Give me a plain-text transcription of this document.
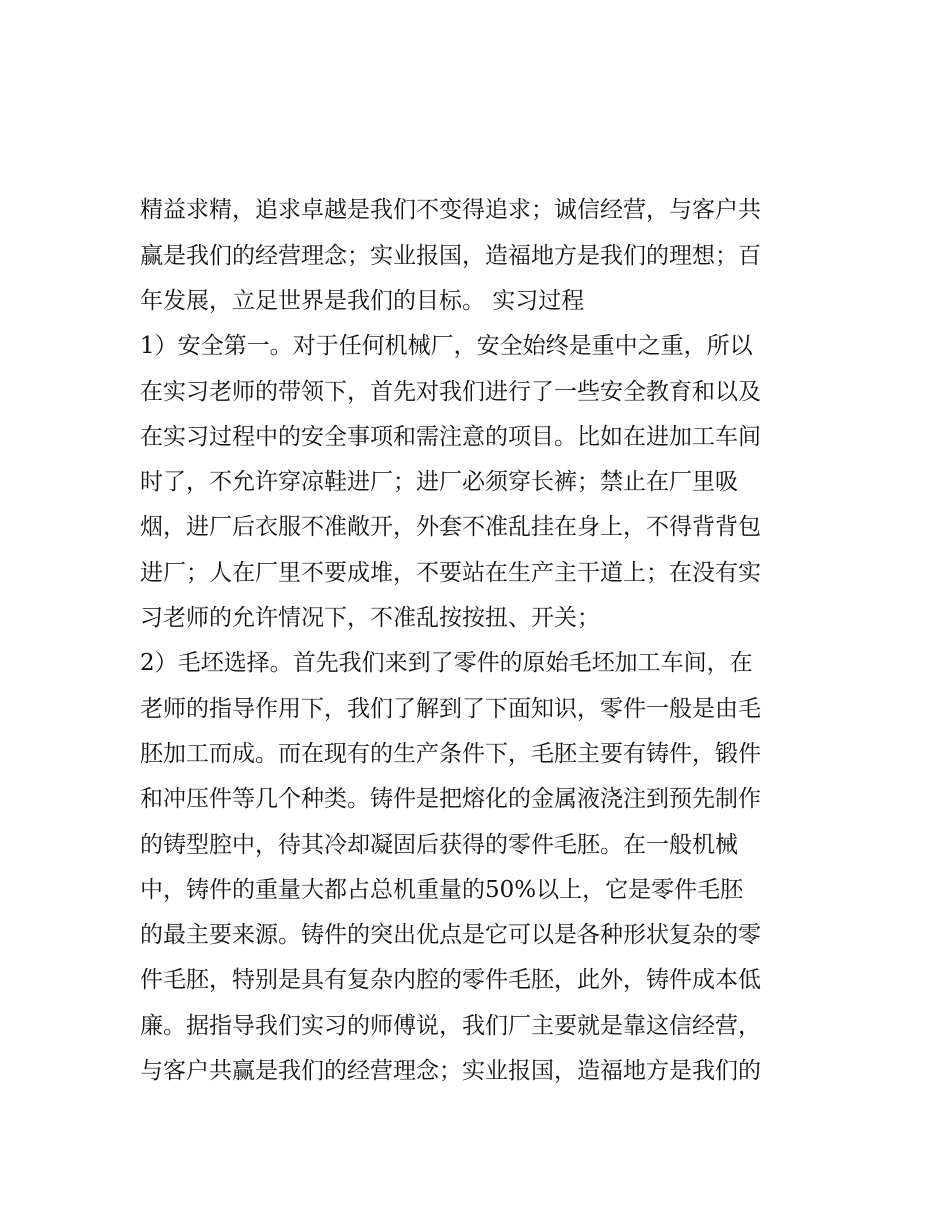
精益求精，追求卓越是我们不变得追求；诚信经营，与客户共
赢是我们的经营理念；实业报国，造福地方是我们的理想；百
年发展，立足世界是我们的目标。 实习过程
1）安全第一。对于任何机械厂，安全始终是重中之重，所以
在实习老师的带领下，首先对我们进行了一些安全教育和以及
在实习过程中的安全事项和需注意的项目。比如在进加工车间
时了，不允许穿凉鞋进厂；进厂必须穿长裤；禁止在厂里吸
烟，进厂后衣服不准敞开，外套不准乱挂在身上，不得背背包
进厂；人在厂里不要成堆，不要站在生产主干道上；在没有实
习老师的允许情况下，不准乱按按扭、开关；
2）毛坯选择。首先我们来到了零件的原始毛坯加工车间，在
老师的指导作用下，我们了解到了下面知识，零件一般是由毛
胚加工而成。而在现有的生产条件下，毛胚主要有铸件，锻件
和冲压件等几个种类。铸件是把熔化的金属液浇注到预先制作
的铸型腔中，待其冷却凝固后获得的零件毛胚。在一般机械
中，铸件的重量大都占总机重量的50%以上，它是零件毛胚
的最主要来源。铸件的突出优点是它可以是各种形状复杂的零
件毛胚，特别是具有复杂内腔的零件毛胚，此外，铸件成本低
廉。据指导我们实习的师傅说，我们厂主要就是靠这信经营，
与客户共赢是我们的经营理念；实业报国，造福地方是我们的
